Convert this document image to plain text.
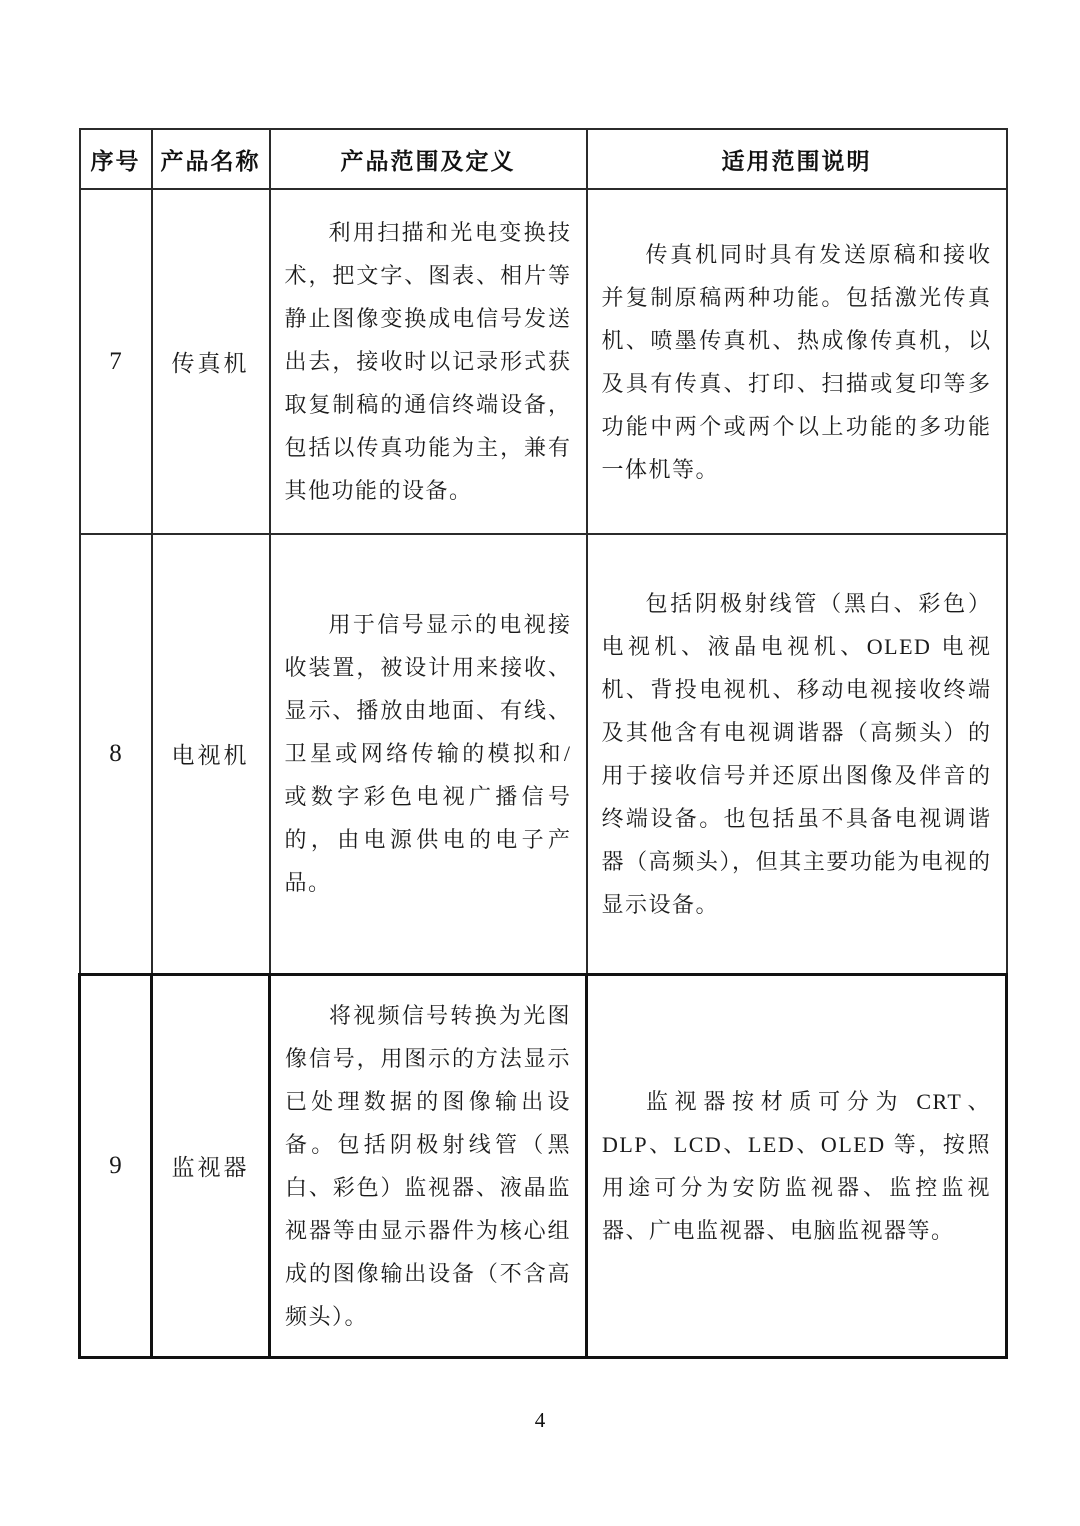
序号	产品名称	产品范围及定义	适用范围说明
7	传真机	利用扫描和光电变换技术，把文字、图表、相片等静止图像变换成电信号发送出去，接收时以记录形式获取复制稿的通信终端设备，包括以传真功能为主，兼有其他功能的设备。	传真机同时具有发送原稿和接收并复制原稿两种功能。包括激光传真机、喷墨传真机、热成像传真机，以及具有传真、打印、扫描或复印等多功能中两个或两个以上功能的多功能一体机等。

8	电视机	用于信号显示的电视接收装置，被设计用来接收、显示、播放由地面、有线、卫星或网络传输的模拟和/或数字彩色电视广播信号的，由电源供电的电子产品。	包括阴极射线管（黑白、彩色）电视机、液晶电视机、OLED 电视机、背投电视机、移动电视接收终端及其他含有电视调谐器（高频头）的用于接收信号并还原出图像及伴音的终端设备。也包括虽不具备电视调谐器（高频头），但其主要功能为电视的显示设备。

9	监视器	将视频信号转换为光图像信号，用图示的方法显示已处理数据的图像输出设备。包括阴极射线管（黑白、彩色）监视器、液晶监视器等由显示器件为核心组成的图像输出设备（不含高频头）。	监视器按材质可分为 CRT、DLP、LCD、LED、OLED 等，按照用途可分为安防监视器、监控监视器、广电监视器、电脑监视器等。
4
